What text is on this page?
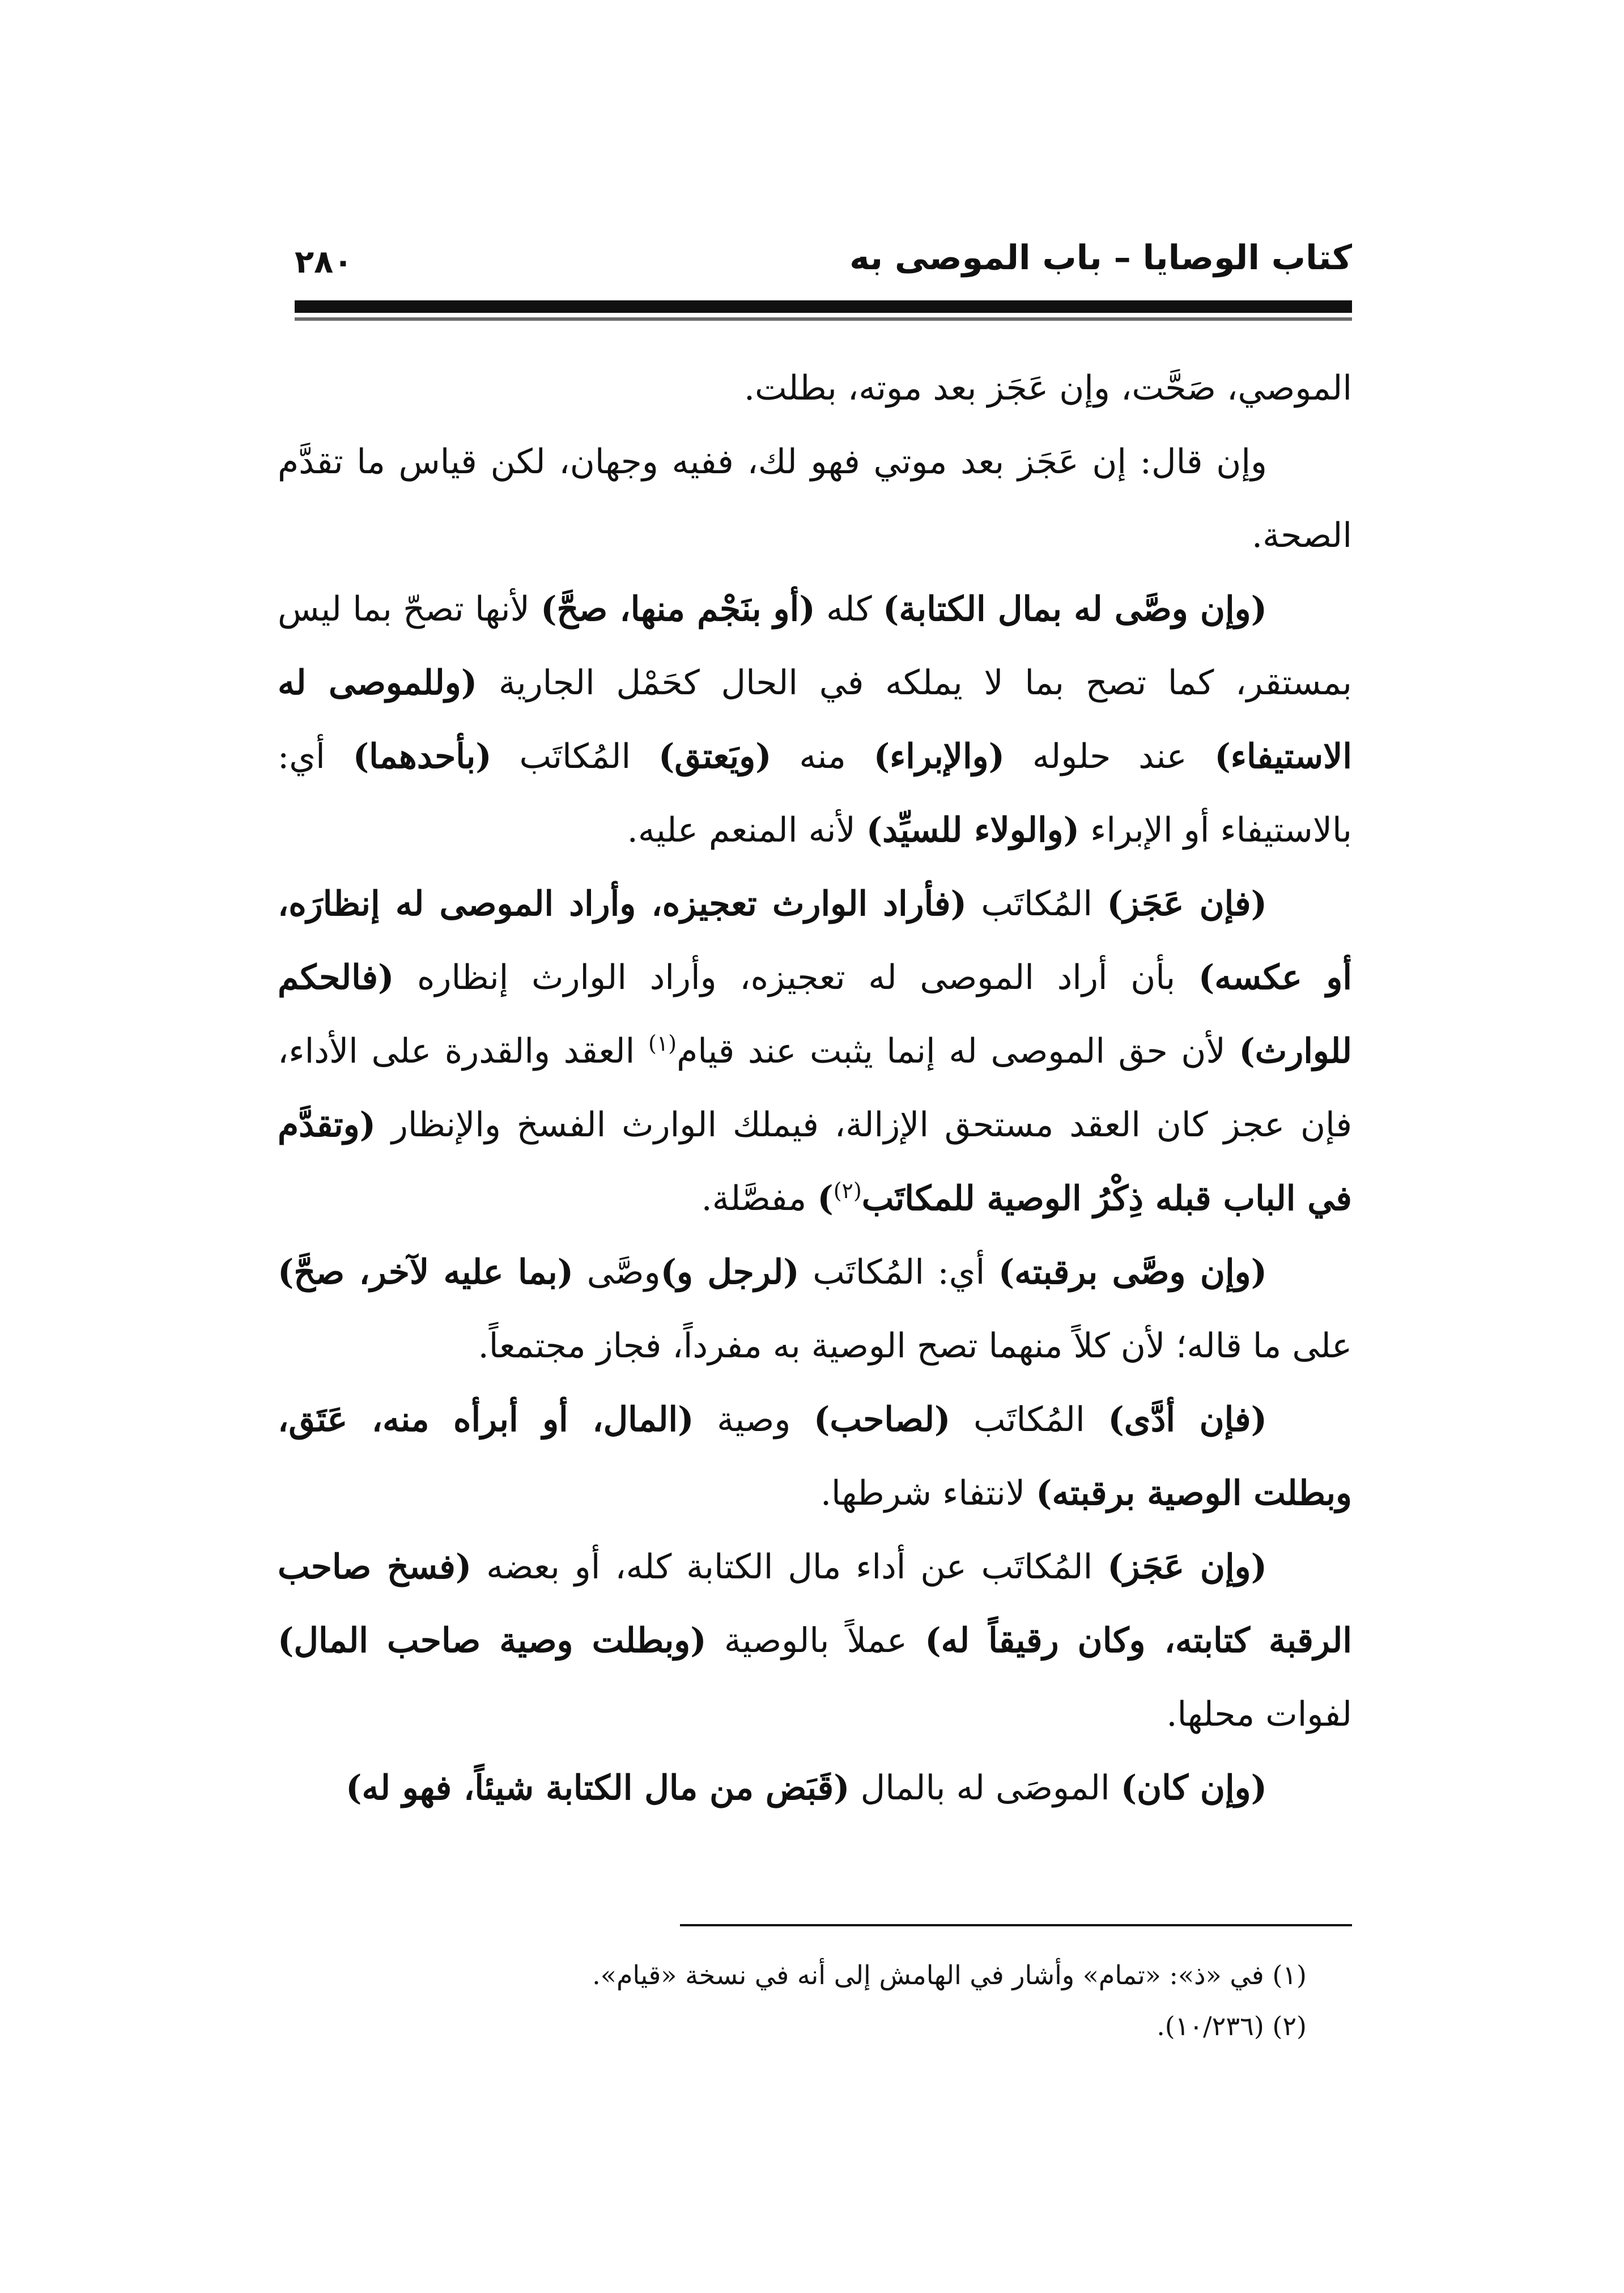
٢٨٠	كتاب الوصايا – باب الموصى به

الموصي، صَحَّت، وإن عَجَز بعد موته، بطلت.

وإن قال: إن عَجَز بعد موتي فهو لك، ففيه وجهان، لكن قياس ما تقدَّم الصحة.

(وإن وصَّى له بمال الكتابة) كله (أو بنَجْم منها، صحَّ) لأنها تصحّ بما ليس بمستقر، كما تصح بما لا يملكه في الحال كحَمْل الجارية (وللموصى له الاستيفاء) عند حلوله (والإبراء) منه (ويَعتق) المُكاتَب (بأحدهما) أي: بالاستيفاء أو الإبراء (والولاء للسيِّد) لأنه المنعم عليه.

(فإن عَجَز) المُكاتَب (فأراد الوارث تعجيزه، وأراد الموصى له إنظارَه، أو عكسه) بأن أراد الموصى له تعجيزه، وأراد الوارث إنظاره (فالحكم للوارث) لأن حق الموصى له إنما يثبت عند قيام$^{(١)}$ العقد والقدرة على الأداء، فإن عجز كان العقد مستحق الإزالة، فيملك الوارث الفسخ والإنظار (وتقدَّم في الباب قبله ذِكْرُ الوصية للمكاتَب$^{(٢)}$) مفصَّلة.

(وإن وصَّى برقبته) أي: المُكاتَب (لرجل و)وصَّى (بما عليه لآخر، صحَّ) على ما قاله؛ لأن كلاً منهما تصح الوصية به مفرداً، فجاز مجتمعاً.

(فإن أدَّى) المُكاتَب (لصاحب) وصية (المال، أو أبرأه منه، عَتَق، وبطلت الوصية برقبته) لانتفاء شرطها.

(وإن عَجَز) المُكاتَب عن أداء مال الكتابة كله، أو بعضه (فسخ صاحب الرقبة كتابته، وكان رقيقاً له) عملاً بالوصية (وبطلت وصية صاحب المال) لفوات محلها.

(وإن كان) الموصَى له بالمال (قَبَض من مال الكتابة شيئاً، فهو له)

(١) في «ذ»: «تمام» وأشار في الهامش إلى أنه في نسخة «قيام».

(٢) (١٠/٢٣٦).
